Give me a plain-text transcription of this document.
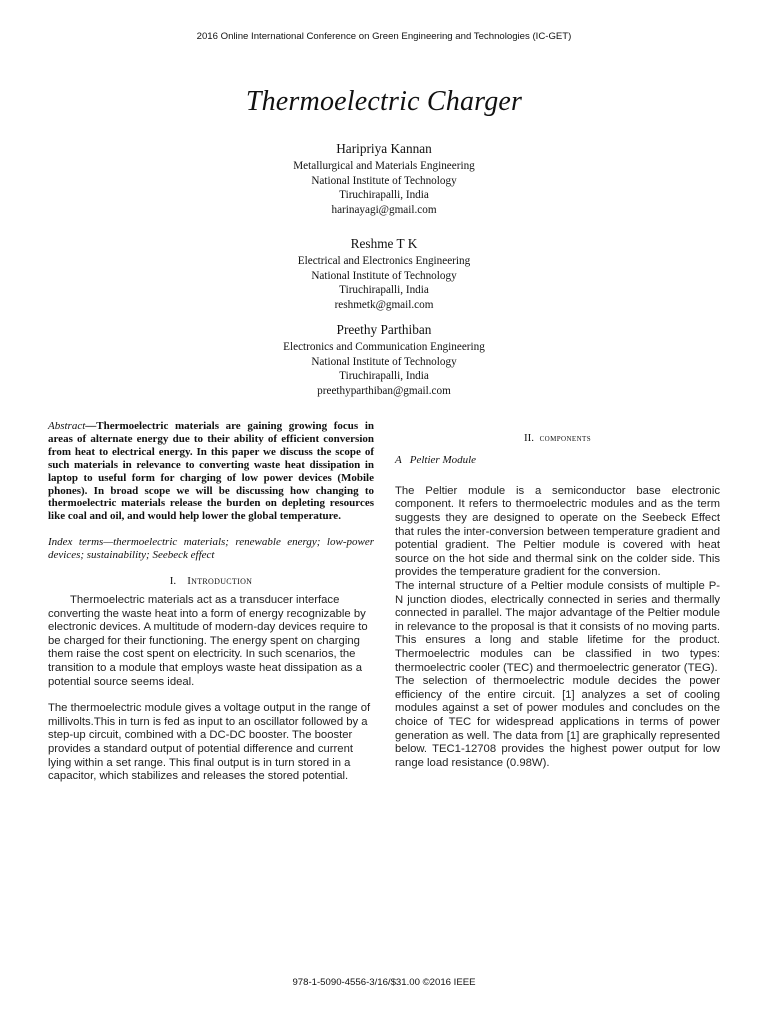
2016 Online International Conference on Green Engineering and Technologies (IC-GET)
Thermoelectric Charger
Haripriya Kannan
Metallurgical and Materials Engineering
National Institute of Technology
Tiruchirapalli, India
harinayagi@gmail.com
Reshme T K
Electrical and Electronics Engineering
National Institute of Technology
Tiruchirapalli, India
reshmetk@gmail.com
Preethy Parthiban
Electronics and Communication Engineering
National Institute of Technology
Tiruchirapalli, India
preethyparthiban@gmail.com
Abstract—Thermoelectric materials are gaining growing focus in areas of alternate energy due to their ability of efficient conversion from heat to electrical energy. In this paper we discuss the scope of such materials in relevance to converting waste heat dissipation in laptop to useful form for charging of low power devices (Mobile phones). In broad scope we will be discussing how changing to thermoelectric materials release the burden on depleting resources like coal and oil, and would help lower the global temperature.
Index terms—thermoelectric materials; renewable energy; low-power devices; sustainability; Seebeck effect
I. Introduction
Thermoelectric materials act as a transducer interface converting the waste heat into a form of energy recognizable by electronic devices. A multitude of modern-day devices require to be charged for their functioning. The energy spent on charging them raise the cost spent on electricity. In such scenarios, the transition to a module that employs waste heat dissipation as a potential source seems ideal.
The thermoelectric module gives a voltage output in the range of millivolts.This in turn is fed as input to an oscillator followed by a step-up circuit, combined with a DC-DC booster. The booster provides a standard output of potential difference and current lying within a set range. This final output is in turn stored in a capacitor, which stabilizes and releases the stored potential.
II. components
A   Peltier Module
The Peltier module is a semiconductor base electronic component. It refers to thermoelectric modules and as the term suggests they are designed to operate on the Seebeck Effect that rules the inter-conversion between temperature gradient and potential gradient. The Peltier module is covered with heat source on the hot side and thermal sink on the colder side. This provides the temperature gradient for the conversion.
The internal structure of a Peltier module consists of multiple P-N junction diodes, electrically connected in series and thermally connected in parallel. The major advantage of the Peltier module in relevance to the proposal is that it consists of no moving parts. This ensures a long and stable lifetime for the product. Thermoelectric modules can be classified in two types: thermoelectric cooler (TEC) and thermoelectric generator (TEG).
The selection of thermoelectric module decides the power efficiency of the entire circuit. [1] analyzes a set of cooling modules against a set of power modules and concludes on the choice of TEC for widespread applications in terms of power generation as well. The data from [1] are graphically represented below. TEC1-12708 provides the highest power output for low range load resistance (0.98W).
978-1-5090-4556-3/16/$31.00 ©2016 IEEE
